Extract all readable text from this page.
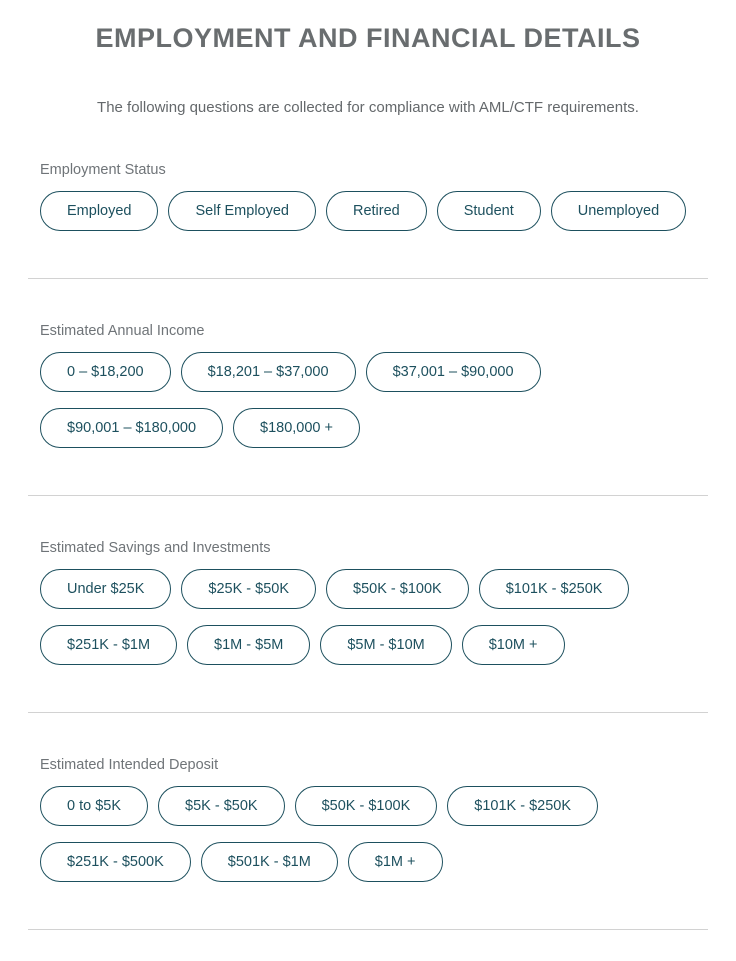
EMPLOYMENT AND FINANCIAL DETAILS

The following questions are collected for compliance with AML/CTF requirements.

Employment Status
Employed	Self Employed	Retired	Student	Unemployed
Estimated Annual Income
0 – $18,200	$18,201 – $37,000	$37,001 – $90,000
$90,001 – $180,000	$180,000 +
Estimated Savings and Investments
Under $25K	$25K - $50K	$50K - $100K	$101K - $250K
$251K - $1M	$1M - $5M	$5M - $10M	$10M +
Estimated Intended Deposit
0 to $5K	$5K - $50K	$50K - $100K	$101K - $250K
$251K - $500K	$501K - $1M	$1M +
